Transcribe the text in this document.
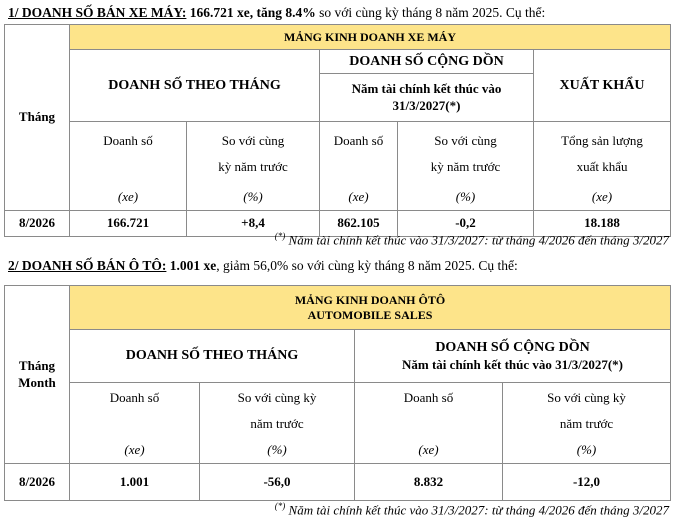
1/ DOANH SỐ BÁN XE MÁY: 166.721 xe, tăng 8.4% so với cùng kỳ tháng 8 năm 2025. Cụ thể:
Tháng	MẢNG KINH DOANH XE MÁY				
	DOANH SỐ THEO THÁNG		DOANH SỐ CỘNG DỒN		XUẤT KHẨU
			Năm tài chính kết thúc vào
31/3/2027(*)		
	Doanh số

(xe)	So với cùng
kỳ năm trước
(%)	Doanh số

(xe)	So với cùng
kỳ năm trước
(%)	Tổng sản lượng
xuất khẩu
(xe)

8/2026	166.721	+8,4	862.105	-0,2	18.188
(*) Năm tài chính kết thúc vào 31/3/2027: từ tháng 4/2026 đến tháng 3/2027
2/ DOANH SỐ BÁN Ô TÔ: 1.001 xe, giảm 56,0% so với cùng kỳ tháng 8 năm 2025. Cụ thể:
Tháng
Month	MẢNG KINH DOANH ÔTÔ
AUTOMOBILE SALES			
	DOANH SỐ THEO THÁNG		DOANH SỐ CỘNG DỒN
Năm tài chính kết thúc vào 31/3/2027(*)	
	Doanh số

(xe)	So với cùng kỳ
năm trước
(%)	Doanh số

(xe)	So với cùng kỳ
năm trước
(%)

8/2026	1.001	-56,0	8.832	-12,0
(*) Năm tài chính kết thúc vào 31/3/2027: từ tháng 4/2026 đến tháng 3/2027
